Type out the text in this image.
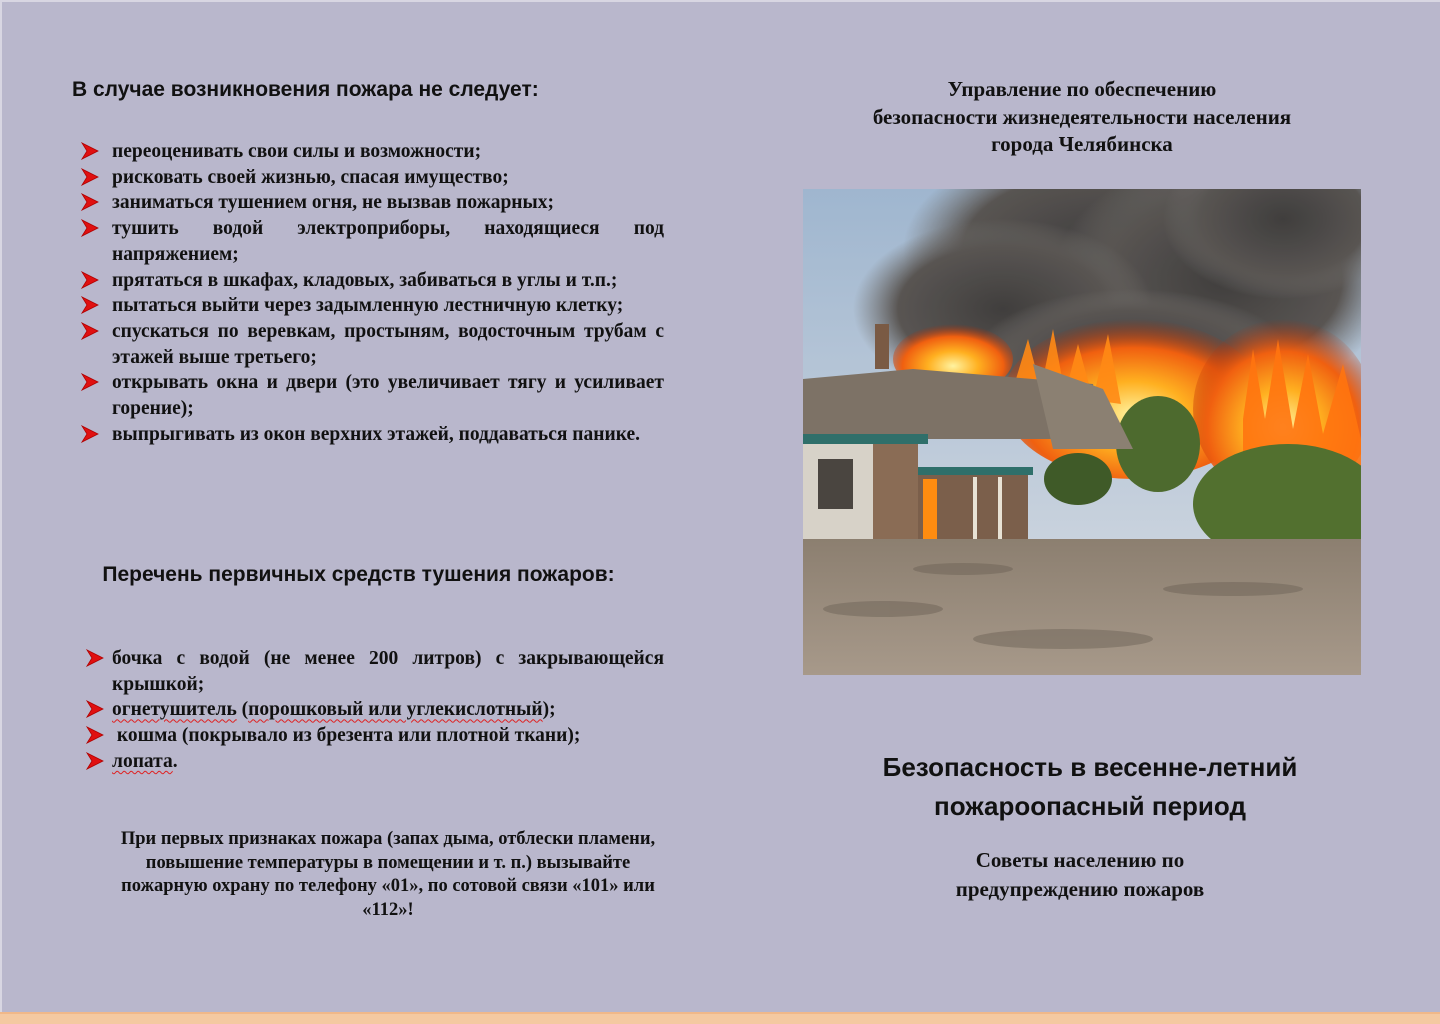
В случае возникновения пожара не следует:
переоценивать свои силы и возможности;
рисковать своей жизнью, спасая имущество;
заниматься тушением огня, не вызвав пожарных;
тушить водой электроприборы, находящиеся под напряжением;
прятаться в шкафах, кладовых, забиваться в углы и т.п.;
пытаться выйти через задымленную лестничную клетку;
спускаться по веревкам, простыням, водосточным трубам с этажей выше третьего;
открывать окна и двери (это увеличивает тягу и усиливает горение);
выпрыгивать из окон верхних этажей, поддаваться панике.
Перечень первичных средств тушения пожаров:
бочка с водой (не менее 200 литров) с закрывающейся крышкой;
огнетушитель (порошковый или углекислотный);
кошма (покрывало из брезента или плотной ткани);
лопата.
При первых признаках пожара (запах дыма, отблески пламени, повышение температуры в помещении и т. п.) вызывайте пожарную охрану по телефону «01», по сотовой связи «101» или «112»!
Управление по обеспечению
безопасности жизнедеятельности населения
города Челябинска
Безопасность в весенне-летний
пожароопасный период
Советы населению по
предупреждению пожаров
